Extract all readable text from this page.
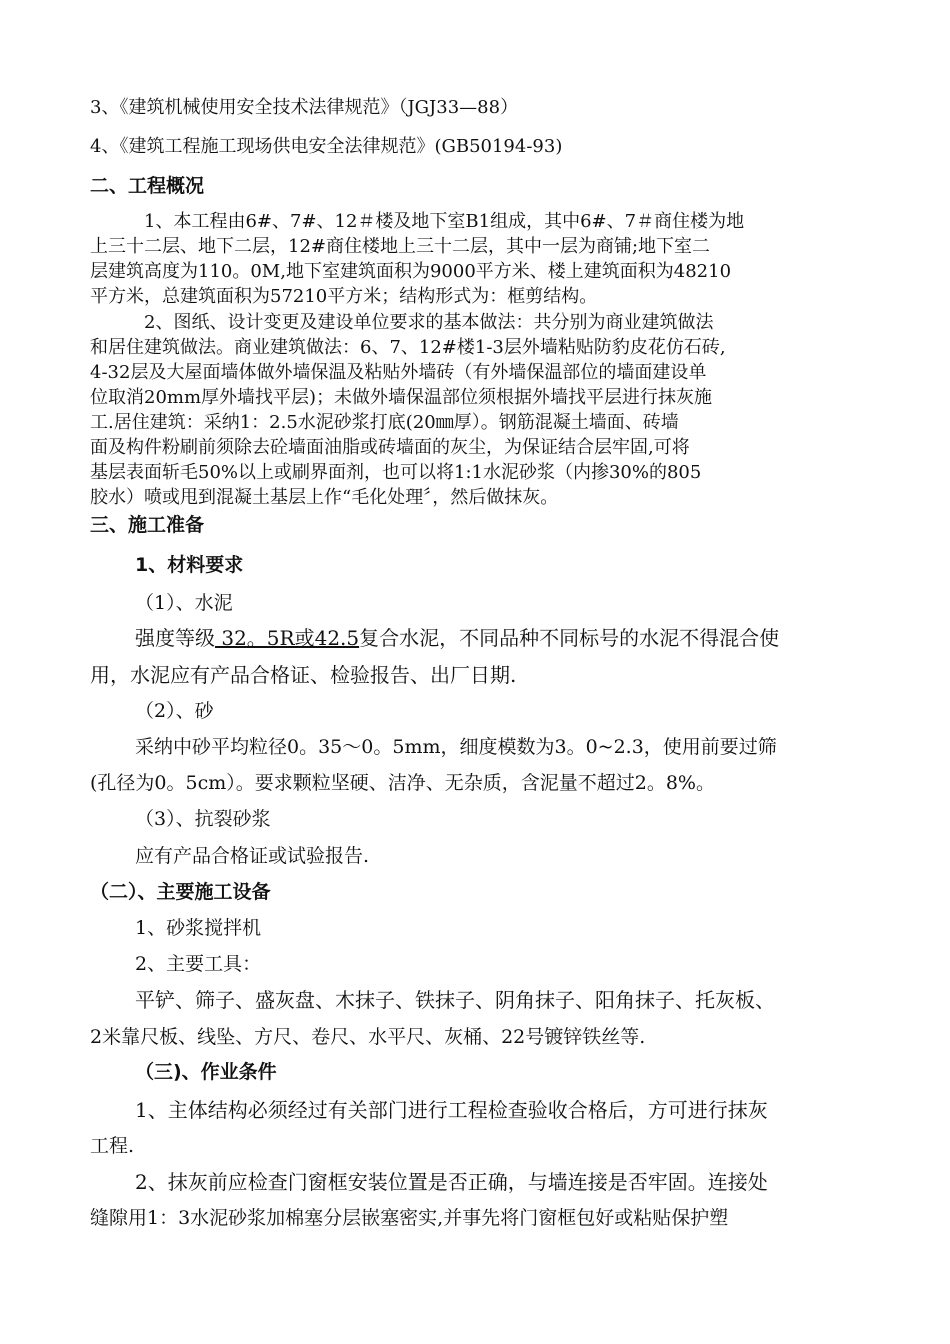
3、《建筑机械使用安全技术法律规范》（JGJ33—88）
4、《建筑工程施工现场供电安全法律规范》(GB50194-93)
二、工程概况
1、本工程由6#、7#、12＃楼及地下室B1组成，其中6#、7＃商住楼为地
上三十二层、地下二层，12#商住楼地上三十二层，其中一层为商铺;地下室二
层建筑高度为110。0M,地下室建筑面积为9000平方米、楼上建筑面积为48210
平方米，总建筑面积为57210平方米；结构形式为：框剪结构。
2、图纸、设计变更及建设单位要求的基本做法：共分别为商业建筑做法
和居住建筑做法。商业建筑做法：6、7、12#楼1-3层外墙粘贴防豹皮花仿石砖,
4-32层及大屋面墙体做外墙保温及粘贴外墙砖（有外墙保温部位的墙面建设单
位取消20mm厚外墙找平层)；未做外墙保温部位须根据外墙找平层进行抹灰施
工.居住建筑：采纳1：2.5水泥砂浆打底(20㎜厚）。钢筋混凝土墙面、砖墙
面及构件粉刷前须除去砼墙面油脂或砖墙面的灰尘，为保证结合层牢固,可将
基层表面斩毛50%以上或刷界面剂，也可以将1:1水泥砂浆（内掺30%的805
胶水）喷或甩到混凝土基层上作“毛化处理〞，然后做抹灰。
三、施工准备
1、材料要求
（1）、水泥
强度等级 32。5R或42.5复合水泥，不同品种不同标号的水泥不得混合使
用，水泥应有产品合格证、检验报告、出厂日期.
（2）、砂
采纳中砂平均粒径0。35～0。5mm，细度模数为3。0~2.3，使用前要过筛
(孔径为0。5cm）。要求颗粒坚硬、洁净、无杂质，含泥量不超过2。8%。
（3）、抗裂砂浆
应有产品合格证或试验报告.
（二）、主要施工设备
1、砂浆搅拌机
2、主要工具：
平铲、筛子、盛灰盘、木抹子、铁抹子、阴角抹子、阳角抹子、托灰板、
2米靠尺板、线坠、方尺、卷尺、水平尺、灰桶、22号镀锌铁丝等.
（三)、作业条件
1、主体结构必须经过有关部门进行工程检查验收合格后，方可进行抹灰
工程.
2、抹灰前应检查门窗框安装位置是否正确，与墙连接是否牢固。连接处
缝隙用1：3水泥砂浆加棉塞分层嵌塞密实,并事先将门窗框包好或粘贴保护塑
